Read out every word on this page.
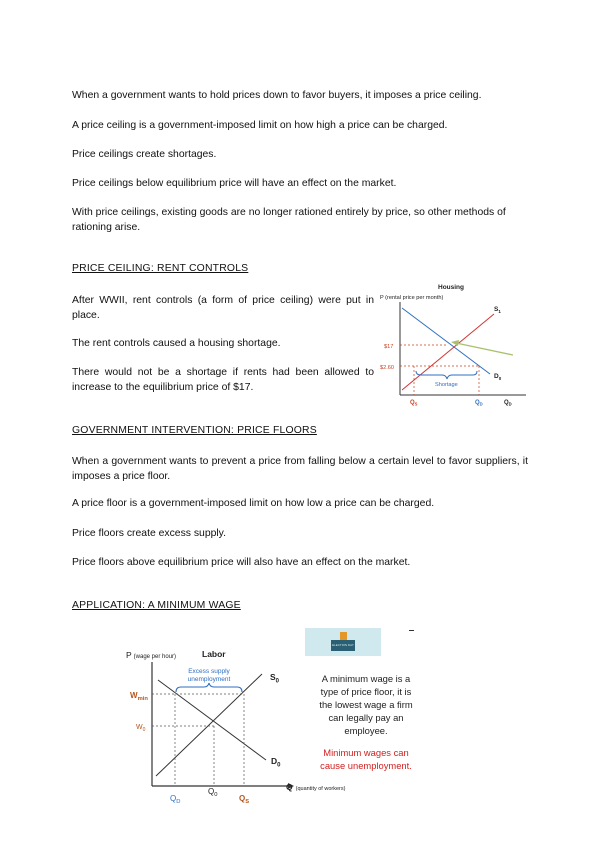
When a government wants to hold prices down to favor buyers, it imposes a price ceiling.

A price ceiling is a government-imposed limit on how high a price can be charged.

Price ceilings create shortages.

Price ceilings below equilibrium price will have an effect on the market.

With price ceilings, existing goods are no longer rationed entirely by price, so other methods of rationing arise.

PRICE CEILING: RENT CONTROLS

After WWII, rent controls (a form of price ceiling) were put in place.

The rent controls caused a housing shortage.

There would not be a shortage if rents had been allowed to increase to the equilibrium price of $17.

Housing
P (rental price per month)
$S_1$
$D_0$
$17
$2.60
Shortage
$Q_S$	$Q_D$	$Q_D$

GOVERNMENT INTERVENTION: PRICE FLOORS

When a government wants to prevent a price from falling below a certain level to favor suppliers, it imposes a price floor.

A price floor is a government-imposed limit on how low a price can be charged.

Price floors create excess supply.

Price floors above equilibrium price will also have an effect on the market.

APPLICATION: A MINIMUM WAGE

P (wage per hour)	Labor
$S_0$
$D_0$
$W_{min}$
$W_0$
Excess supply
unemployment
Q (quantity of workers)
$Q_D$
$Q_0$	$Q_S$
ELECTION DAY
A minimum wage is a
type of price floor, it is
the lowest wage a firm
can legally pay an
employee.
Minimum wages can
cause unemployment.
